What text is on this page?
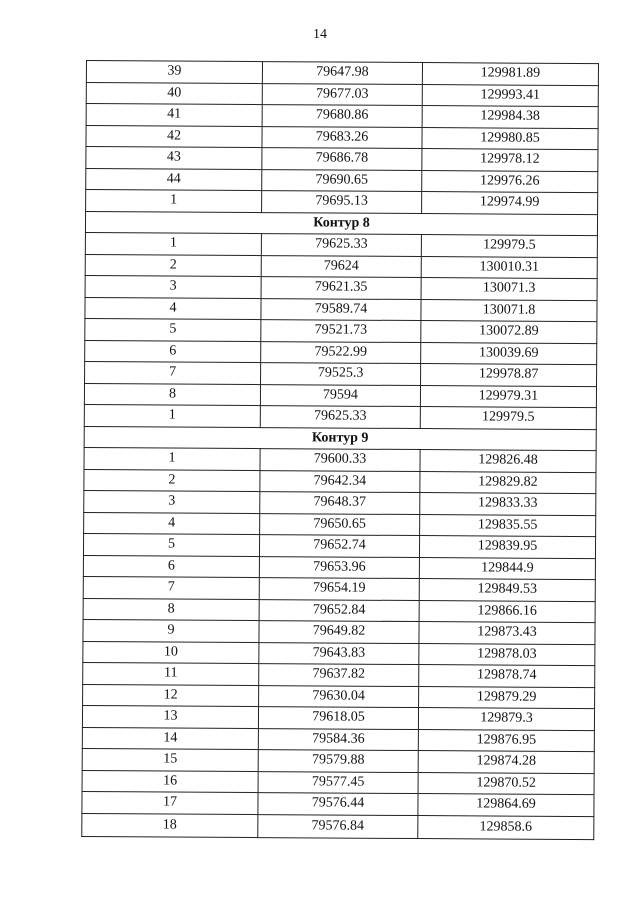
14
39	79647.98	129981.89
40	79677.03	129993.41
41	79680.86	129984.38
42	79683.26	129980.85
43	79686.78	129978.12
44	79690.65	129976.26
1	79695.13	129974.99
Контур 8		
1	79625.33	129979.5
2	79624	130010.31
3	79621.35	130071.3
4	79589.74	130071.8
5	79521.73	130072.89
6	79522.99	130039.69
7	79525.3	129978.87
8	79594	129979.31
1	79625.33	129979.5
Контур 9		
1	79600.33	129826.48
2	79642.34	129829.82
3	79648.37	129833.33
4	79650.65	129835.55
5	79652.74	129839.95
6	79653.96	129844.9
7	79654.19	129849.53
8	79652.84	129866.16
9	79649.82	129873.43
10	79643.83	129878.03
11	79637.82	129878.74
12	79630.04	129879.29
13	79618.05	129879.3
14	79584.36	129876.95
15	79579.88	129874.28
16	79577.45	129870.52
17	79576.44	129864.69
18	79576.84	129858.6
